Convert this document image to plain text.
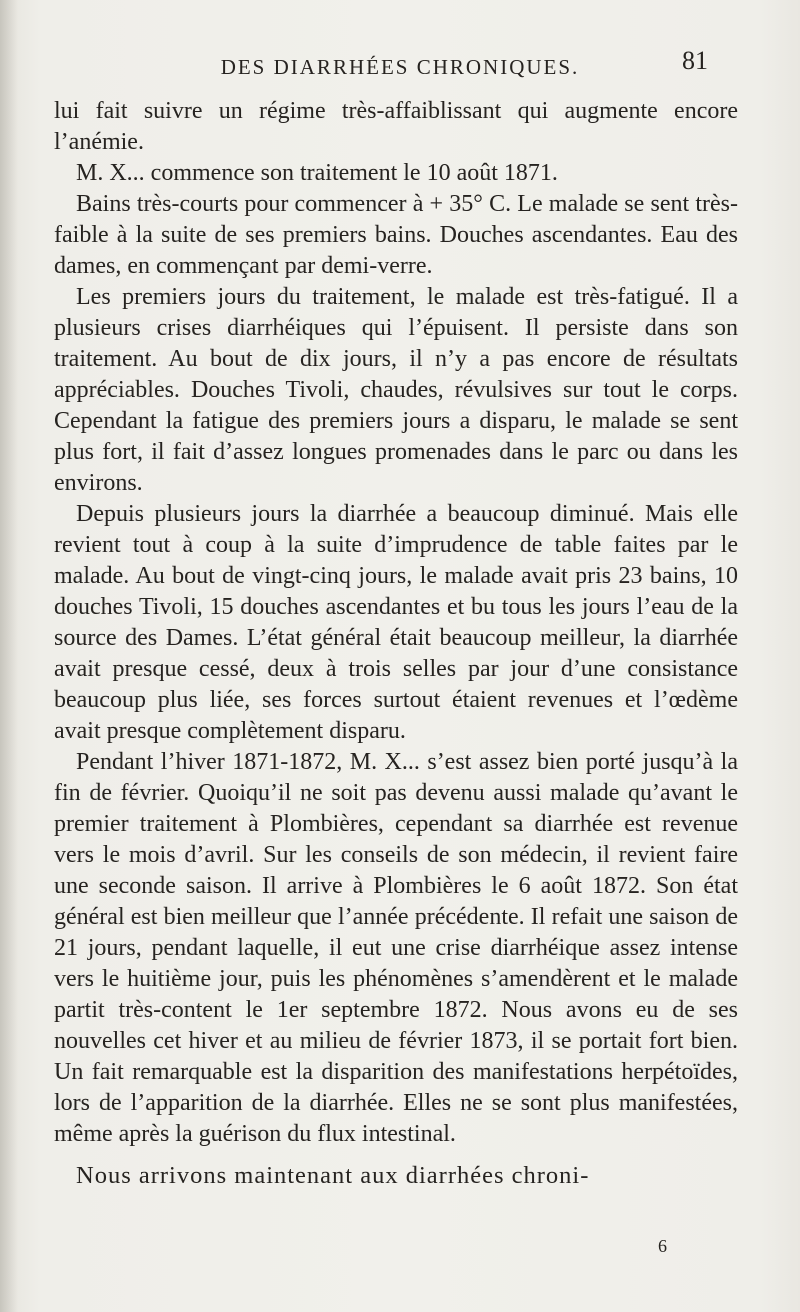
DES DIARRHÉES CHRONIQUES.	81

lui fait suivre un régime très-affaiblissant qui augmente encore l’anémie.

M. X... commence son traitement le 10 août 1871.

Bains très-courts pour commencer à + 35° C. Le malade se sent très-faible à la suite de ses premiers bains. Douches ascendantes. Eau des dames, en commençant par demi-verre.

Les premiers jours du traitement, le malade est très-fatigué. Il a plusieurs crises diarrhéiques qui l’épuisent. Il persiste dans son traitement. Au bout de dix jours, il n’y a pas encore de résultats appréciables. Douches Tivoli, chaudes, révulsives sur tout le corps. Cependant la fatigue des premiers jours a disparu, le malade se sent plus fort, il fait d’assez longues promenades dans le parc ou dans les environs.

Depuis plusieurs jours la diarrhée a beaucoup diminué. Mais elle revient tout à coup à la suite d’imprudence de table faites par le malade. Au bout de vingt-cinq jours, le malade avait pris 23 bains, 10 douches Tivoli, 15 douches ascendantes et bu tous les jours l’eau de la source des Dames. L’état général était beaucoup meilleur, la diarrhée avait presque cessé, deux à trois selles par jour d’une consistance beaucoup plus liée, ses forces surtout étaient revenues et l’œdème avait presque complètement disparu.

Pendant l’hiver 1871-1872, M. X... s’est assez bien porté jusqu’à la fin de février. Quoiqu’il ne soit pas devenu aussi malade qu’avant le premier traitement à Plombières, cependant sa diarrhée est revenue vers le mois d’avril. Sur les conseils de son médecin, il revient faire une seconde saison. Il arrive à Plombières le 6 août 1872. Son état général est bien meilleur que l’année précédente. Il refait une saison de 21 jours, pendant laquelle, il eut une crise diarrhéique assez intense vers le huitième jour, puis les phénomènes s’amendèrent et le malade partit très-content le 1er septembre 1872. Nous avons eu de ses nouvelles cet hiver et au milieu de février 1873, il se portait fort bien. Un fait remarquable est la disparition des manifestations herpétoïdes, lors de l’apparition de la diarrhée. Elles ne se sont plus manifestées, même après la guérison du flux intestinal.

Nous arrivons maintenant aux diarrhées chroni-

6
